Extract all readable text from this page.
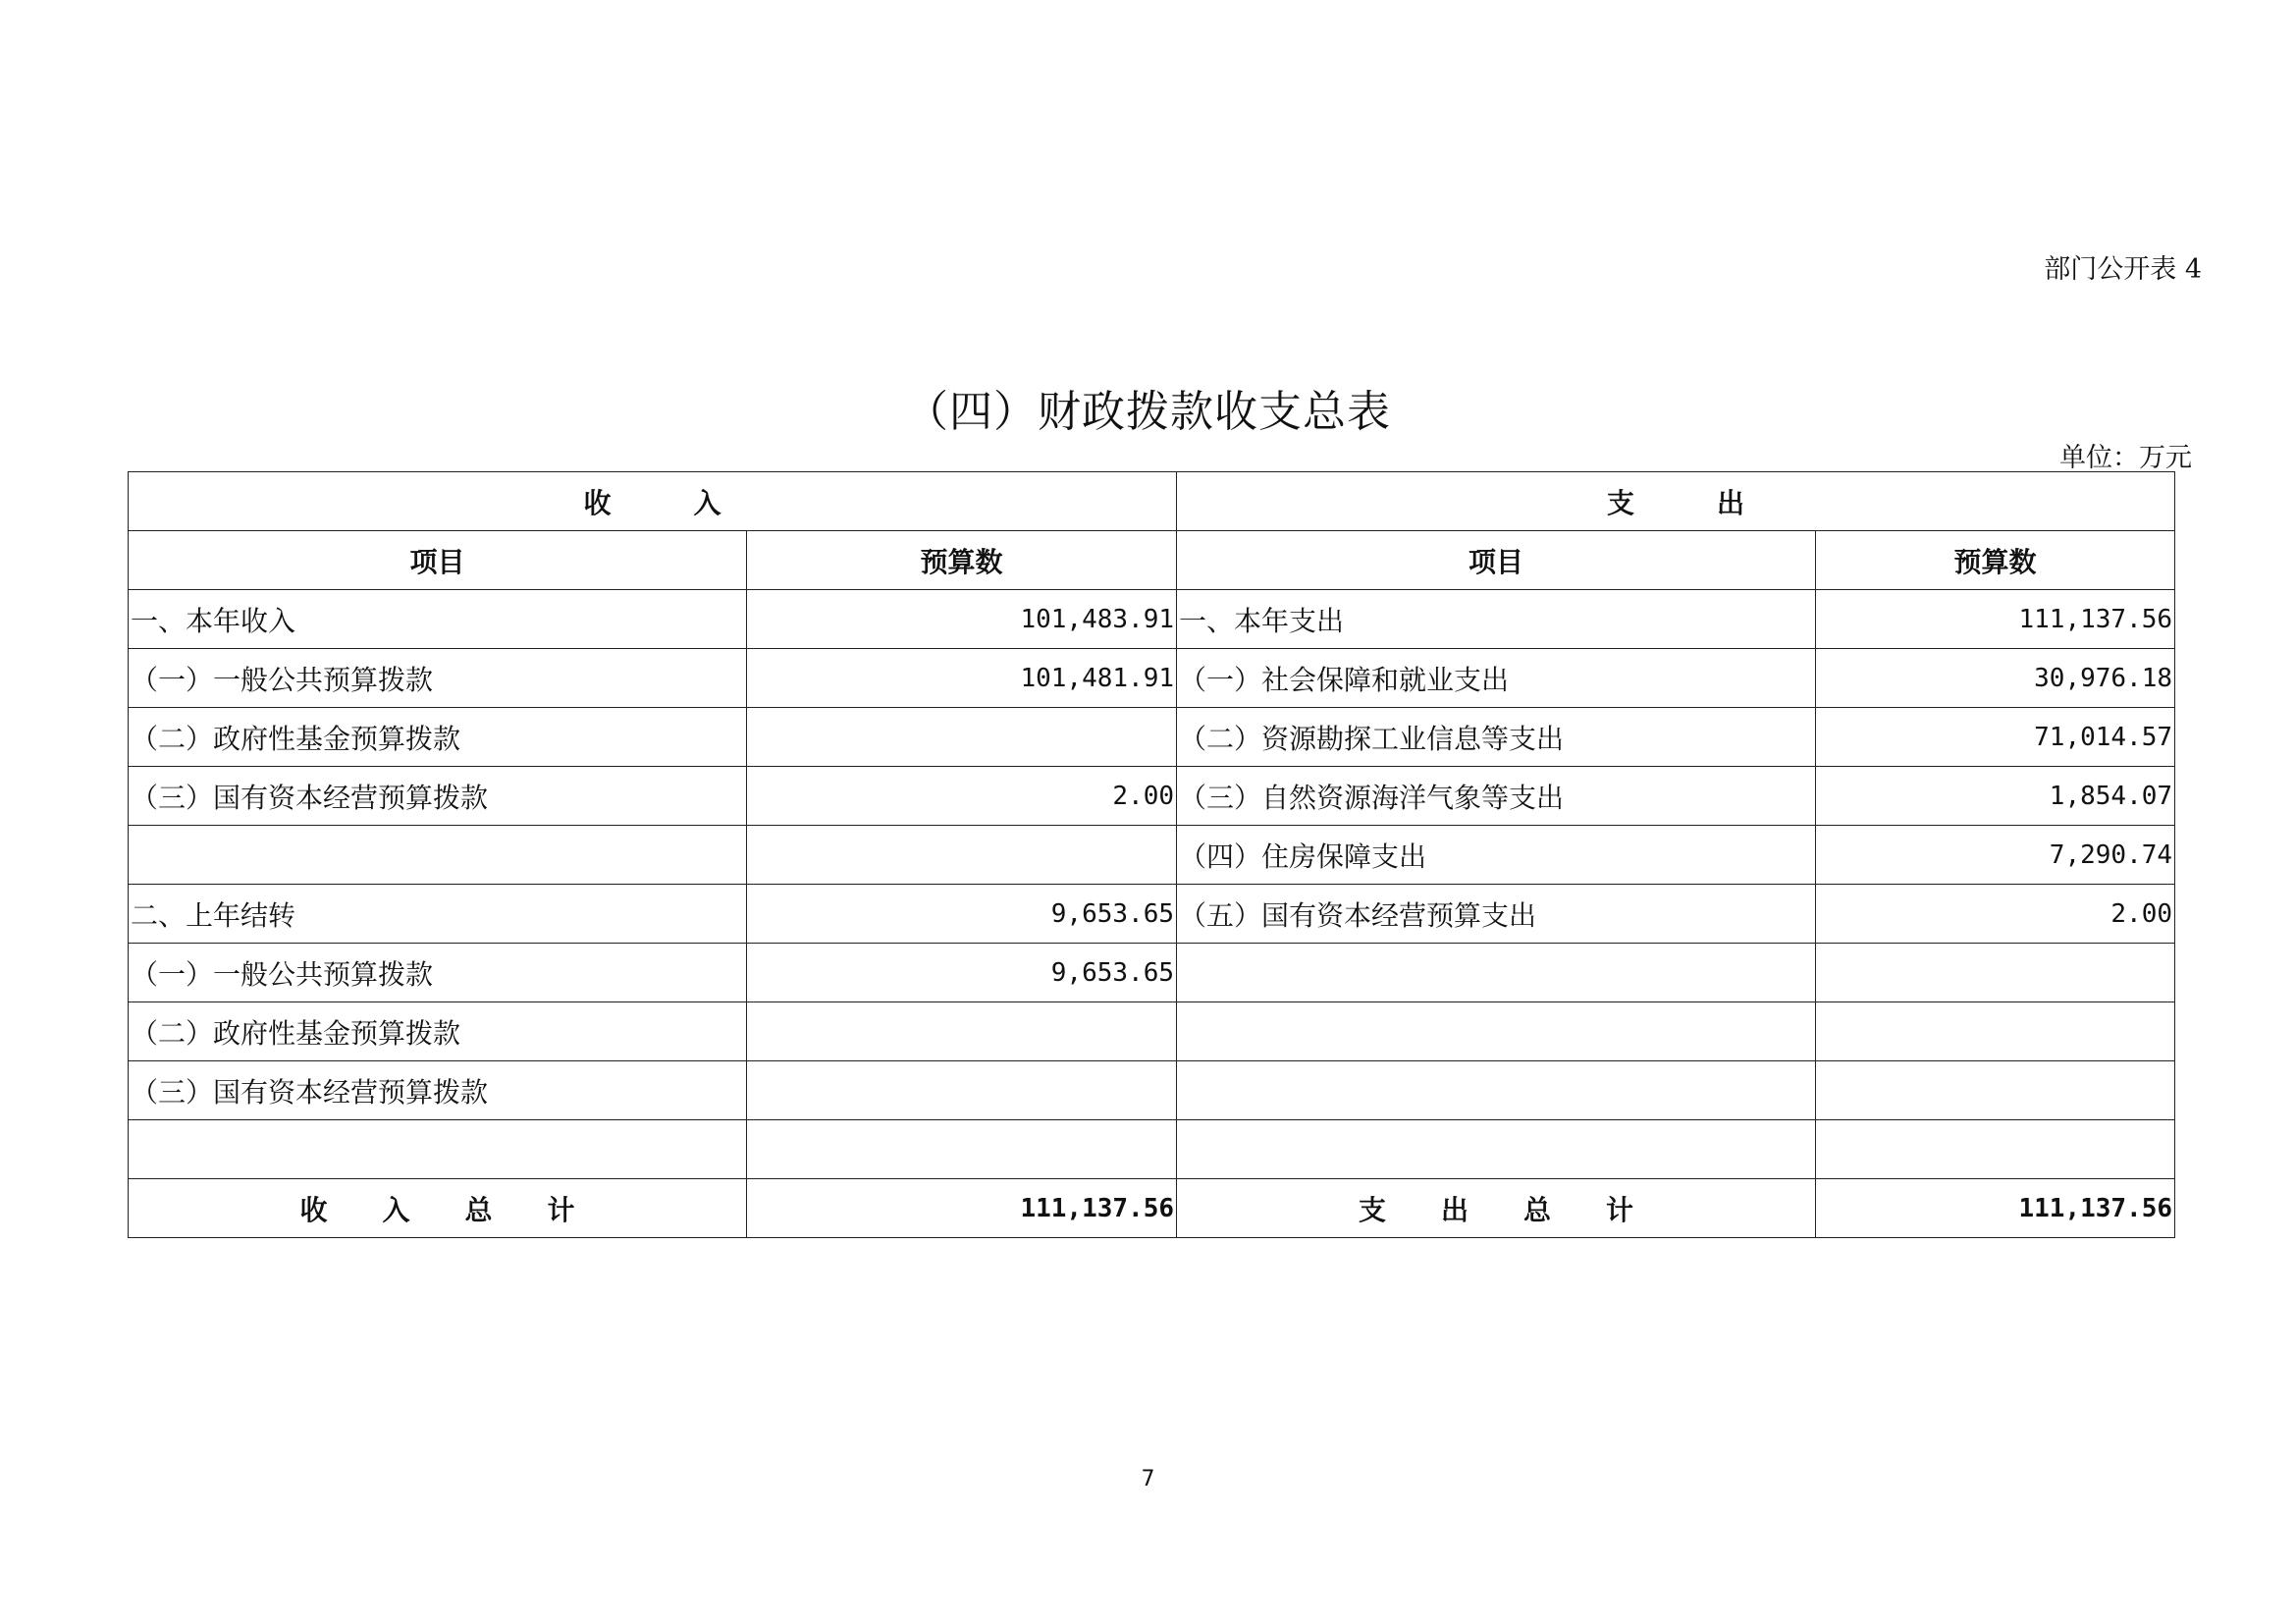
部门公开表 4
（四）财政拨款收支总表
单位：万元
收　　　入		支　　　出	
项目	预算数	项目	预算数
一、本年收入	101,483.91	一、本年支出	111,137.56
（一）一般公共预算拨款	101,481.91	（一）社会保障和就业支出	30,976.18
（二）政府性基金预算拨款		（二）资源勘探工业信息等支出	71,014.57
（三）国有资本经营预算拨款	2.00	（三）自然资源海洋气象等支出	1,854.07
		（四）住房保障支出	7,290.74
二、上年结转	9,653.65	（五）国有资本经营预算支出	2.00
（一）一般公共预算拨款	9,653.65		
（二）政府性基金预算拨款			
（三）国有资本经营预算拨款			

收　　入　　总　　计	111,137.56	支　　出　　总　　计	111,137.56
7
